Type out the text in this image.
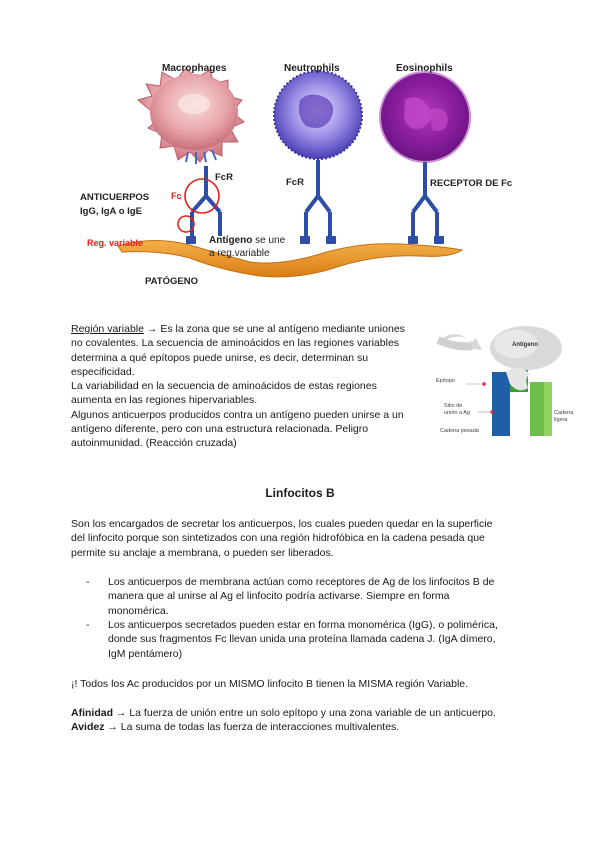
Macrophages	Neutrophils	Eosinophils
FcR	FcR	RECEPTOR DE Fc
Fc
ANTICUERPOS
IgG, IgA o IgE
Reg. variable	Antígeno se une
a reg.variable
PATÓGENO
Antígeno
Epítopo
Sitio de
unión a Ag
Cadena pesada
Cadena
ligera
Región variable → Es la zona que se une al antígeno mediante uniones
no covalentes. La secuencia de aminoácidos en las regiones variables
determina a qué epítopos puede unirse, es decir, determinan su
especificidad.
La variabilidad en la secuencia de aminoácidos de estas regiones
aumenta en las regiones hipervariables.
Algunos anticuerpos producidos contra un antígeno pueden unirse a un
antígeno diferente, pero con una estructura relacionada. Peligro
autoinmunidad. (Reacción cruzada)
Linfocitos B
Son los encargados de secretar los anticuerpos, los cuales pueden quedar en la superficie
del linfocito porque son sintetizados con una región hidrofóbica en la cadena pesada que
permite su anclaje a membrana, o pueden ser liberados.
-	Los anticuerpos de membrana actúan como receptores de Ag de los linfocitos B de
manera que al unirse al Ag el linfocito podría activarse. Siempre en forma
monomérica.
-	Los anticuerpos secretados pueden estar en forma monomérica (IgG), o polimérica,
donde sus fragmentos Fc llevan unida una proteína llamada cadena J. (IgA dímero,
IgM pentámero)
¡! Todos los Ac producidos por un MISMO linfocito B tienen la MISMA región Variable.
Afinidad → La fuerza de unión entre un solo epítopo y una zona variable de un anticuerpo.
Avidez → La suma de todas las fuerza de interacciones multivalentes.
